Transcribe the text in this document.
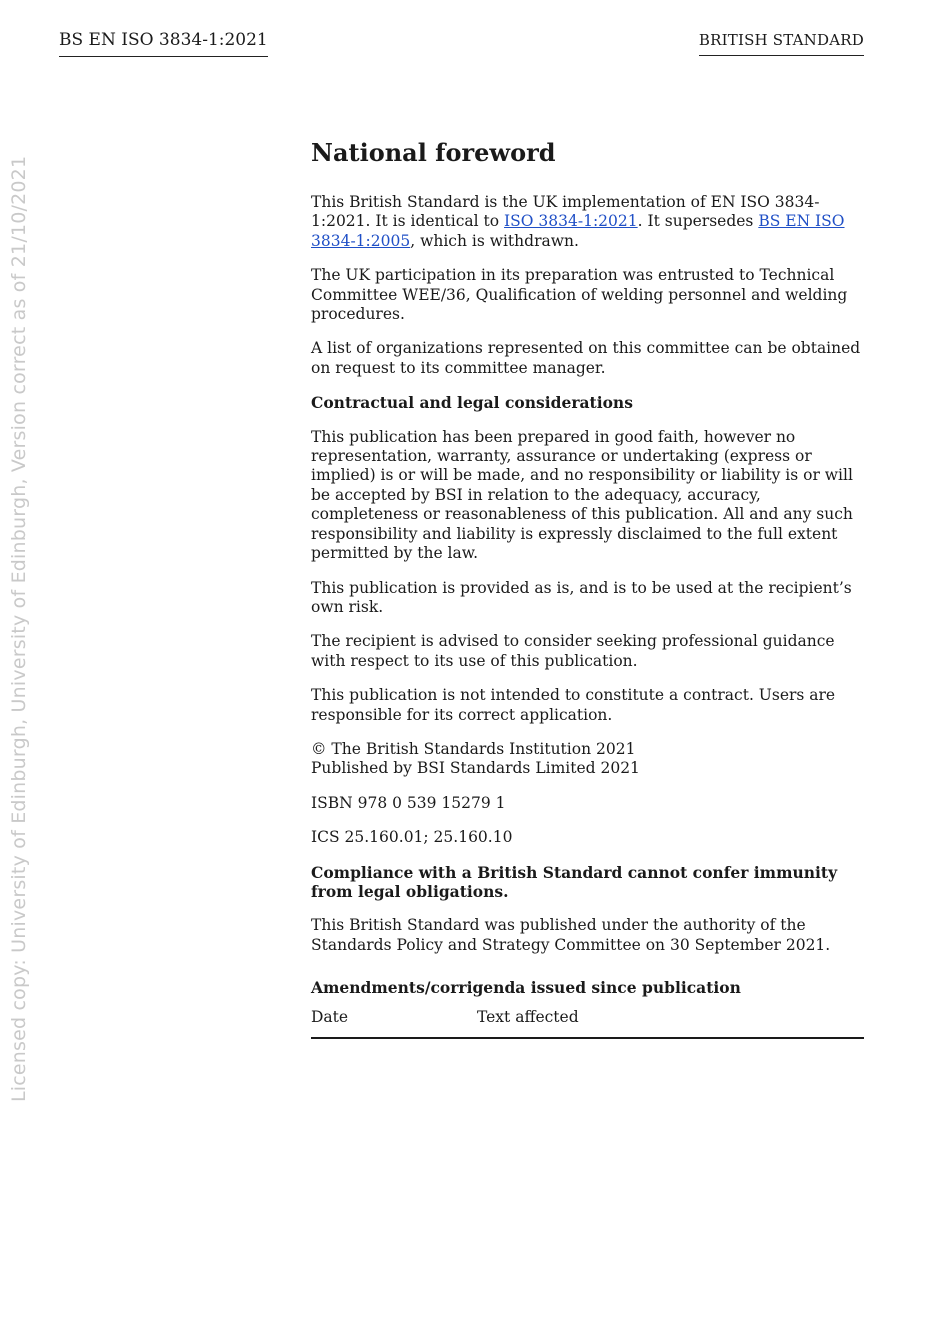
BS EN ISO 3834-1:2021	BRITISH STANDARD
Licensed copy: University of Edinburgh, University of Edinburgh, Version correct as of 21/10/2021
National foreword

This British Standard is the UK implementation of EN ISO 3834-1:2021. It is identical to ISO 3834-1:2021. It supersedes BS EN ISO 3834-1:2005, which is withdrawn.

The UK participation in its preparation was entrusted to Technical Committee WEE/36, Qualification of welding personnel and welding procedures.

A list of organizations represented on this committee can be obtained on request to its committee manager.

Contractual and legal considerations

This publication has been prepared in good faith, however no representation, warranty, assurance or undertaking (express or implied) is or will be made, and no responsibility or liability is or will be accepted by BSI in relation to the adequacy, accuracy, completeness or reasonableness of this publication. All and any such responsibility and liability is expressly disclaimed to the full extent permitted by the law.

This publication is provided as is, and is to be used at the recipient’s own risk.

The recipient is advised to consider seeking professional guidance with respect to its use of this publication.

This publication is not intended to constitute a contract. Users are responsible for its correct application.

© The British Standards Institution 2021
Published by BSI Standards Limited 2021

ISBN 978 0 539 15279 1

ICS 25.160.01; 25.160.10

Compliance with a British Standard cannot confer immunity from legal obligations.

This British Standard was published under the authority of the Standards Policy and Strategy Committee on 30 September 2021.

Amendments/corrigenda issued since publication
Date	Text affected
